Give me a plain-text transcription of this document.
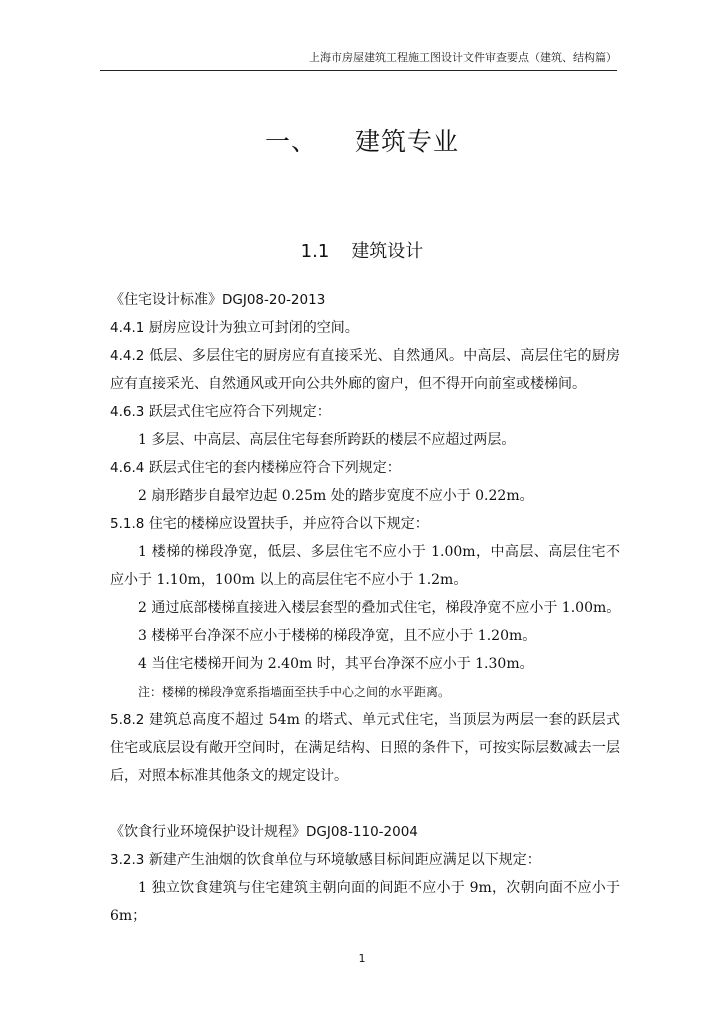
上海市房屋建筑工程施工图设计文件审查要点（建筑、结构篇）
一、 建筑专业
1.1 建筑设计

《住宅设计标准》DGJ08-20-2013

4.4.1 厨房应设计为独立可封闭的空间。

4.4.2 低层、多层住宅的厨房应有直接采光、自然通风。中高层、高层住宅的厨房应有直接采光、自然通风或开向公共外廊的窗户，但不得开向前室或楼梯间。

4.6.3 跃层式住宅应符合下列规定：

1 多层、中高层、高层住宅每套所跨跃的楼层不应超过两层。

4.6.4 跃层式住宅的套内楼梯应符合下列规定：

2 扇形踏步自最窄边起 0.25m 处的踏步宽度不应小于 0.22m。

5.1.8 住宅的楼梯应设置扶手，并应符合以下规定：

1 楼梯的梯段净宽，低层、多层住宅不应小于 1.00m，中高层、高层住宅不应小于 1.10m，100m 以上的高层住宅不应小于 1.2m。

2 通过底部楼梯直接进入楼层套型的叠加式住宅，梯段净宽不应小于 1.00m。

3 楼梯平台净深不应小于楼梯的梯段净宽，且不应小于 1.20m。

4 当住宅楼梯开间为 2.40m 时，其平台净深不应小于 1.30m。

注：楼梯的梯段净宽系指墙面至扶手中心之间的水平距离。

5.8.2 建筑总高度不超过 54m 的塔式、单元式住宅，当顶层为两层一套的跃层式住宅或底层设有敞开空间时，在满足结构、日照的条件下，可按实际层数减去一层后，对照本标准其他条文的规定设计。

《饮食行业环境保护设计规程》DGJ08-110-2004

3.2.3 新建产生油烟的饮食单位与环境敏感目标间距应满足以下规定：

1 独立饮食建筑与住宅建筑主朝向面的间距不应小于 9m，次朝向面不应小于 6m；

1
